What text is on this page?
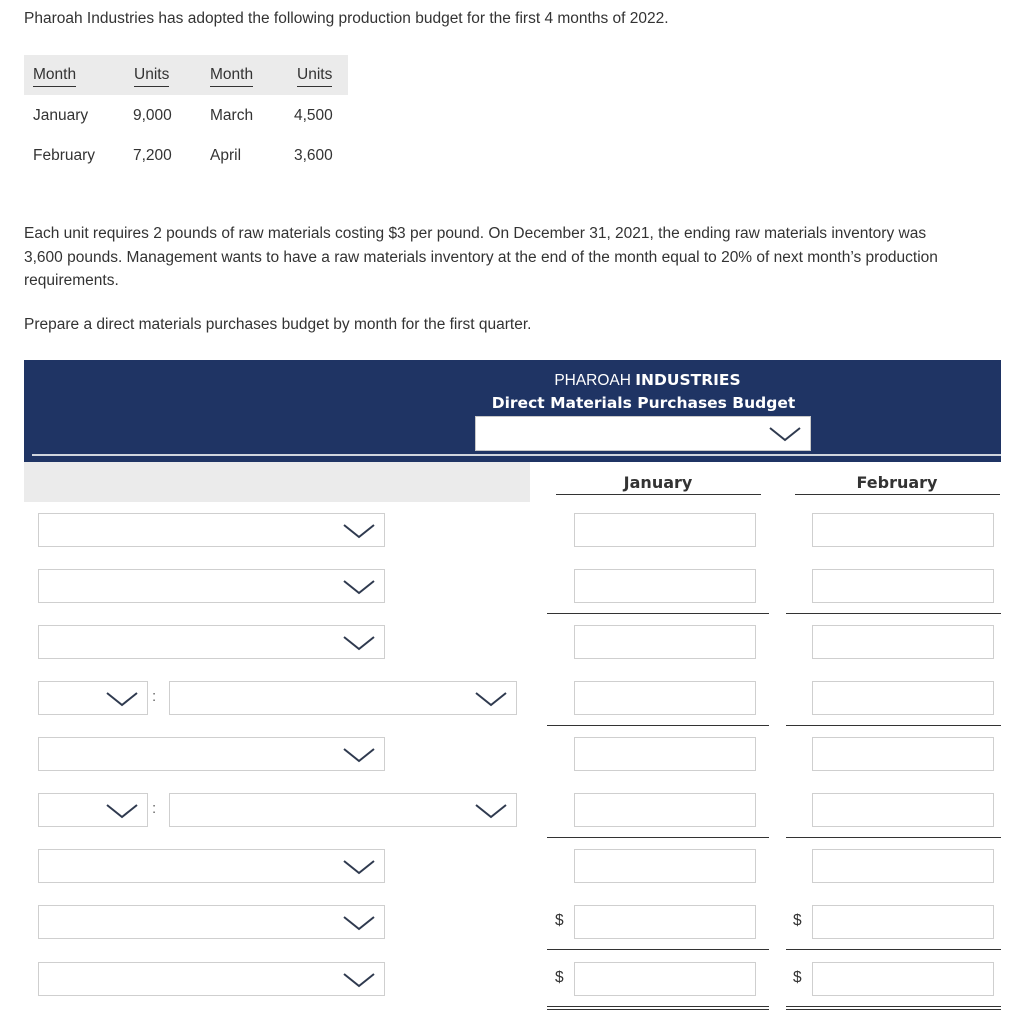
Pharoah Industries has adopted the following production budget for the first 4 months of 2022.
Month	Units	Month	Units
January	9,000 March	4,500
February 7,200 April	3,600
Each unit requires 2 pounds of raw materials costing $3 per pound. On December 31, 2021, the ending raw materials inventory was 3,600 pounds. Management wants to have a raw materials inventory at the end of the month equal to 20% of next month’s production requirements.
Prepare a direct materials purchases budget by month for the first quarter.
PHAROAH INDUSTRIES
Direct Materials Purchases Budget
January	February
:
:
$	$
$	$
